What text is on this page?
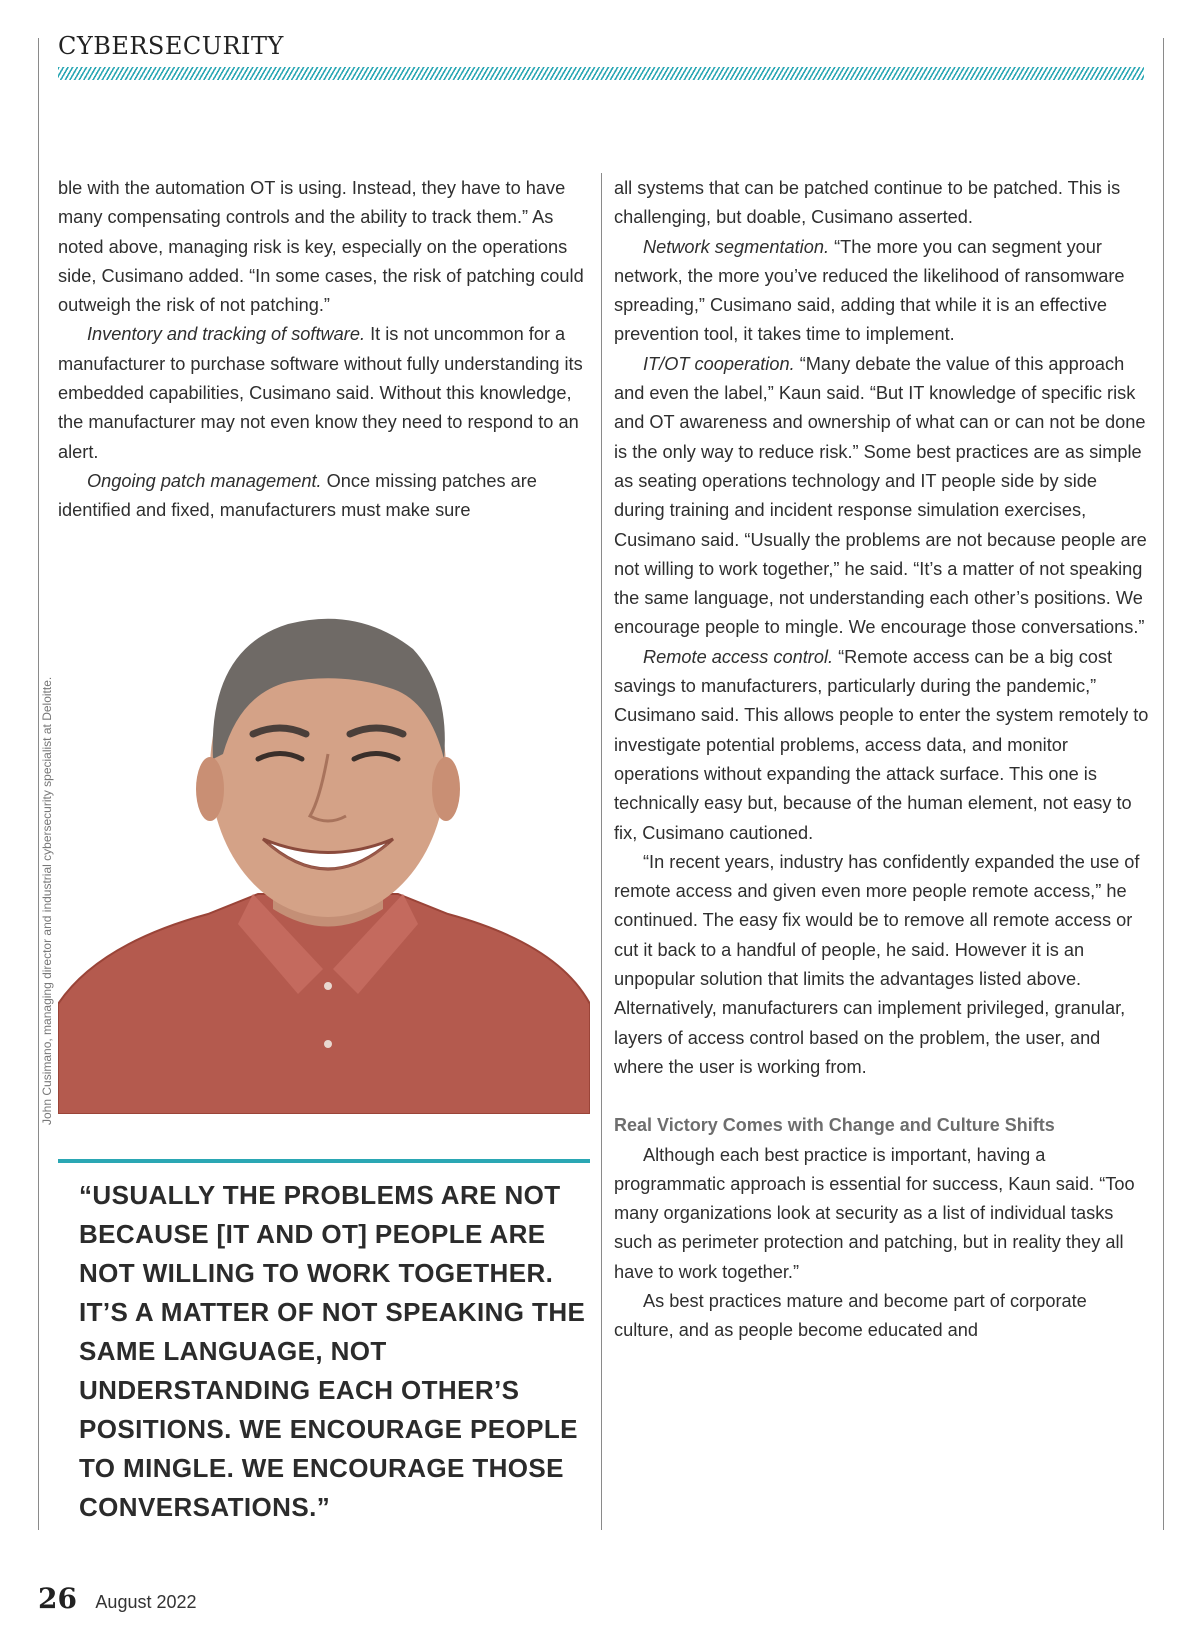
CYBERSECURITY

ble with the automation OT is using. Instead, they have to have many compensating controls and the ability to track them.” As noted above, managing risk is key, especially on the operations side, Cusimano added. “In some cases, the risk of patching could outweigh the risk of not patching.”

Inventory and tracking of software. It is not uncommon for a manufacturer to purchase software without fully understanding its embedded capabilities, Cusimano said. Without this knowledge, the manufacturer may not even know they need to respond to an alert.

Ongoing patch management. Once missing patches are identified and fixed, manufacturers must make sure

John Cusimano, managing director and industrial cybersecurity specialist at Deloitte.

“USUALLY THE PROBLEMS ARE NOT BECAUSE [IT AND OT] PEOPLE ARE NOT WILLING TO WORK TOGETHER. IT’S A MATTER OF NOT SPEAKING THE SAME LANGUAGE, NOT UNDERSTANDING EACH OTHER’S POSITIONS. WE ENCOURAGE PEOPLE TO MINGLE. WE ENCOURAGE THOSE CONVERSATIONS.”

all systems that can be patched continue to be patched. This is challenging, but doable, Cusimano asserted.

Network segmentation. “The more you can segment your network, the more you’ve reduced the likelihood of ransomware spreading,” Cusimano said, adding that while it is an effective prevention tool, it takes time to implement.

IT/OT cooperation. “Many debate the value of this approach and even the label,” Kaun said. “But IT knowledge of specific risk and OT awareness and ownership of what can or can not be done is the only way to reduce risk.” Some best practices are as simple as seating operations technology and IT people side by side during training and incident response simulation exercises, Cusimano said. “Usually the problems are not because people are not willing to work together,” he said. “It’s a matter of not speaking the same language, not understanding each other’s positions. We encourage people to mingle. We encourage those conversations.”

Remote access control. “Remote access can be a big cost savings to manufacturers, particularly during the pandemic,” Cusimano said. This allows people to enter the system remotely to investigate potential problems, access data, and monitor operations without expanding the attack surface. This one is technically easy but, because of the human element, not easy to fix, Cusimano cautioned.

“In recent years, industry has confidently expanded the use of remote access and given even more people remote access,” he continued. The easy fix would be to remove all remote access or cut it back to a handful of people, he said. However it is an unpopular solution that limits the advantages listed above. Alternatively, manufacturers can implement privileged, granular, layers of access control based on the problem, the user, and where the user is working from.

Real Victory Comes with Change and Culture Shifts

Although each best practice is important, having a programmatic approach is essential for success, Kaun said. “Too many organizations look at security as a list of individual tasks such as perimeter protection and patching, but in reality they all have to work together.”

As best practices mature and become part of corporate culture, and as people become educated and

26 August 2022
